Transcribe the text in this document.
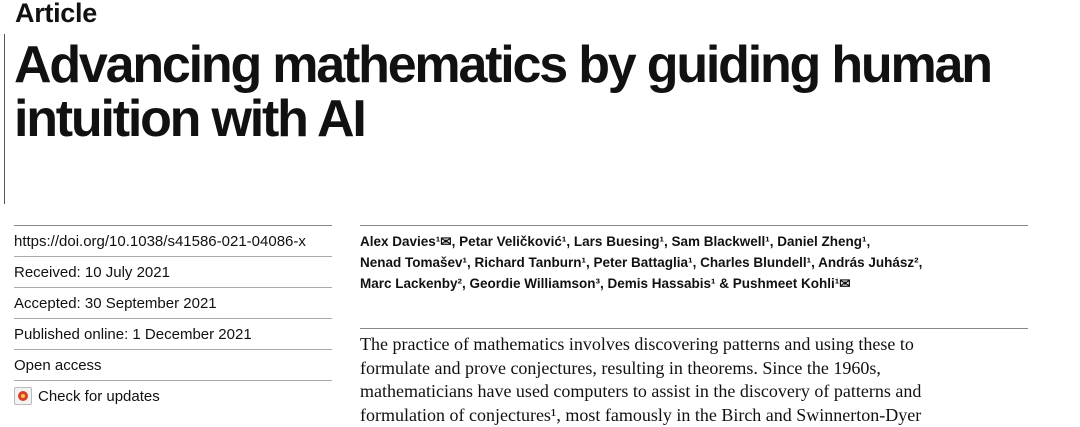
Article
Advancing mathematics by guiding human
intuition with AI
https://doi.org/10.1038/s41586-021-04086-x
Received: 10 July 2021
Accepted: 30 September 2021
Published online: 1 December 2021
Open access
Check for updates
Alex Davies¹✉, Petar Veličković¹, Lars Buesing¹, Sam Blackwell¹, Daniel Zheng¹,
Nenad Tomašev¹, Richard Tanburn¹, Peter Battaglia¹, Charles Blundell¹, András Juhász²,
Marc Lackenby², Geordie Williamson³, Demis Hassabis¹ & Pushmeet Kohli¹✉
The practice of mathematics involves discovering patterns and using these to
formulate and prove conjectures, resulting in theorems. Since the 1960s,
mathematicians have used computers to assist in the discovery of patterns and
formulation of conjectures¹, most famously in the Birch and Swinnerton-Dyer
